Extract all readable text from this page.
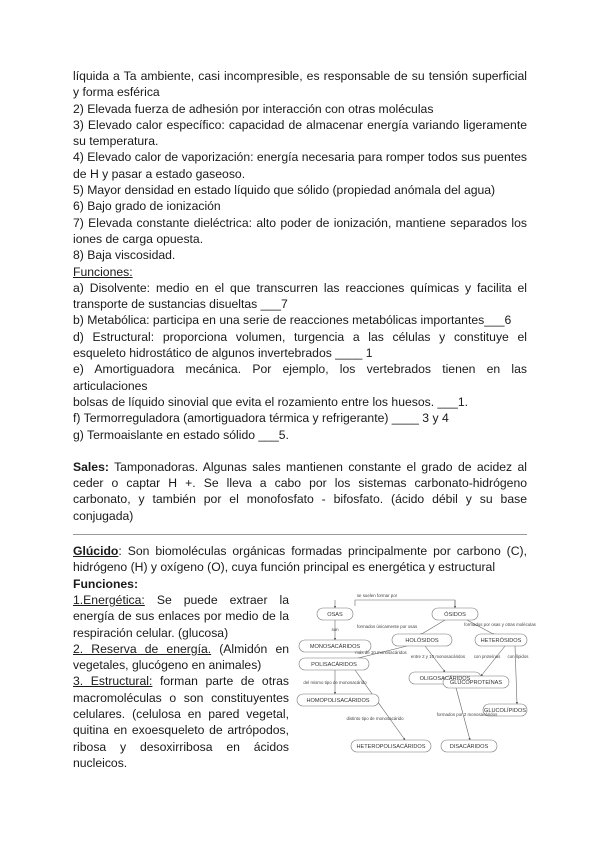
líquida a Ta ambiente, casi incompresible, es responsable de su tensión superficial y forma esférica

2) Elevada fuerza de adhesión por interacción con otras moléculas

3) Elevado calor específico: capacidad de almacenar energía variando ligeramente su temperatura.

4) Elevado calor de vaporización: energía necesaria para romper todos sus puentes de H y pasar a estado gaseoso.

5) Mayor densidad en estado líquido que sólido (propiedad anómala del agua)

6) Bajo grado de ionización

7) Elevada constante dieléctrica: alto poder de ionización, mantiene separados los iones de carga opuesta.

8) Baja viscosidad.

Funciones:

a) Disolvente: medio en el que transcurren las reacciones químicas y facilita el transporte de sustancias disueltas ___7

b) Metabólica: participa en una serie de reacciones metabólicas importantes___6

d) Estructural: proporciona volumen, turgencia a las células y constituye el esqueleto hidrostático de algunos invertebrados ____ 1

e) Amortiguadora mecánica. Por ejemplo, los vertebrados tienen en las articulaciones

bolsas de líquido sinovial que evita el rozamiento entre los huesos. ___1.

f) Termorreguladora (amortiguadora térmica y refrigerante) ____ 3 y 4

g) Termoaislante en estado sólido ___5.

Sales: Tamponadoras. Algunas sales mantienen constante el grado de acidez al ceder o captar H +. Se lleva a cabo por los sistemas carbonato-hidrógeno carbonato, y también por el monofosfato - bifosfato. (ácido débil y su base conjugada)

Glúcido: Son biomoléculas orgánicas formadas principalmente por carbono (C), hidrógeno (H) y oxígeno (O), cuya función principal es energética y estructural

Funciones:

1.Energética: Se puede extraer la energía de sus enlaces por medio de la respiración celular. (glucosa)

2. Reserva de energía. (Almidón en vegetales, glucógeno en animales)

3. Estructural: forman parte de otras macromoléculas o son constituyentes celulares. (celulosa en pared vegetal, quitina en exoesqueleto de artrópodos, ribosa y desoxirribosa en ácidos nucleicos.

se suelen formar por
OSAS	ÓSIDOS
MONOSACÁRIDOS
HOLÓSIDOS	HETERÓSIDOS
POLISACÁRIDOS
OLIGOSACÁRIDOS
GLUCOPROTEÍNAS
GLUCOLÍPIDOS
HOMOPOLISACÁRIDOS
HETEROPOLISACÁRIDOS	DISACÁRIDOS
son
formados únicamente por osas	formados por osas y otras moléculas
más de 10 monosacáridos
entre 2 y 10 monosacáridos con proteínas con lípidos
del mismo tipo de monosacárido
distinto tipo de monosacárido
formados por 2 monosacáridos
